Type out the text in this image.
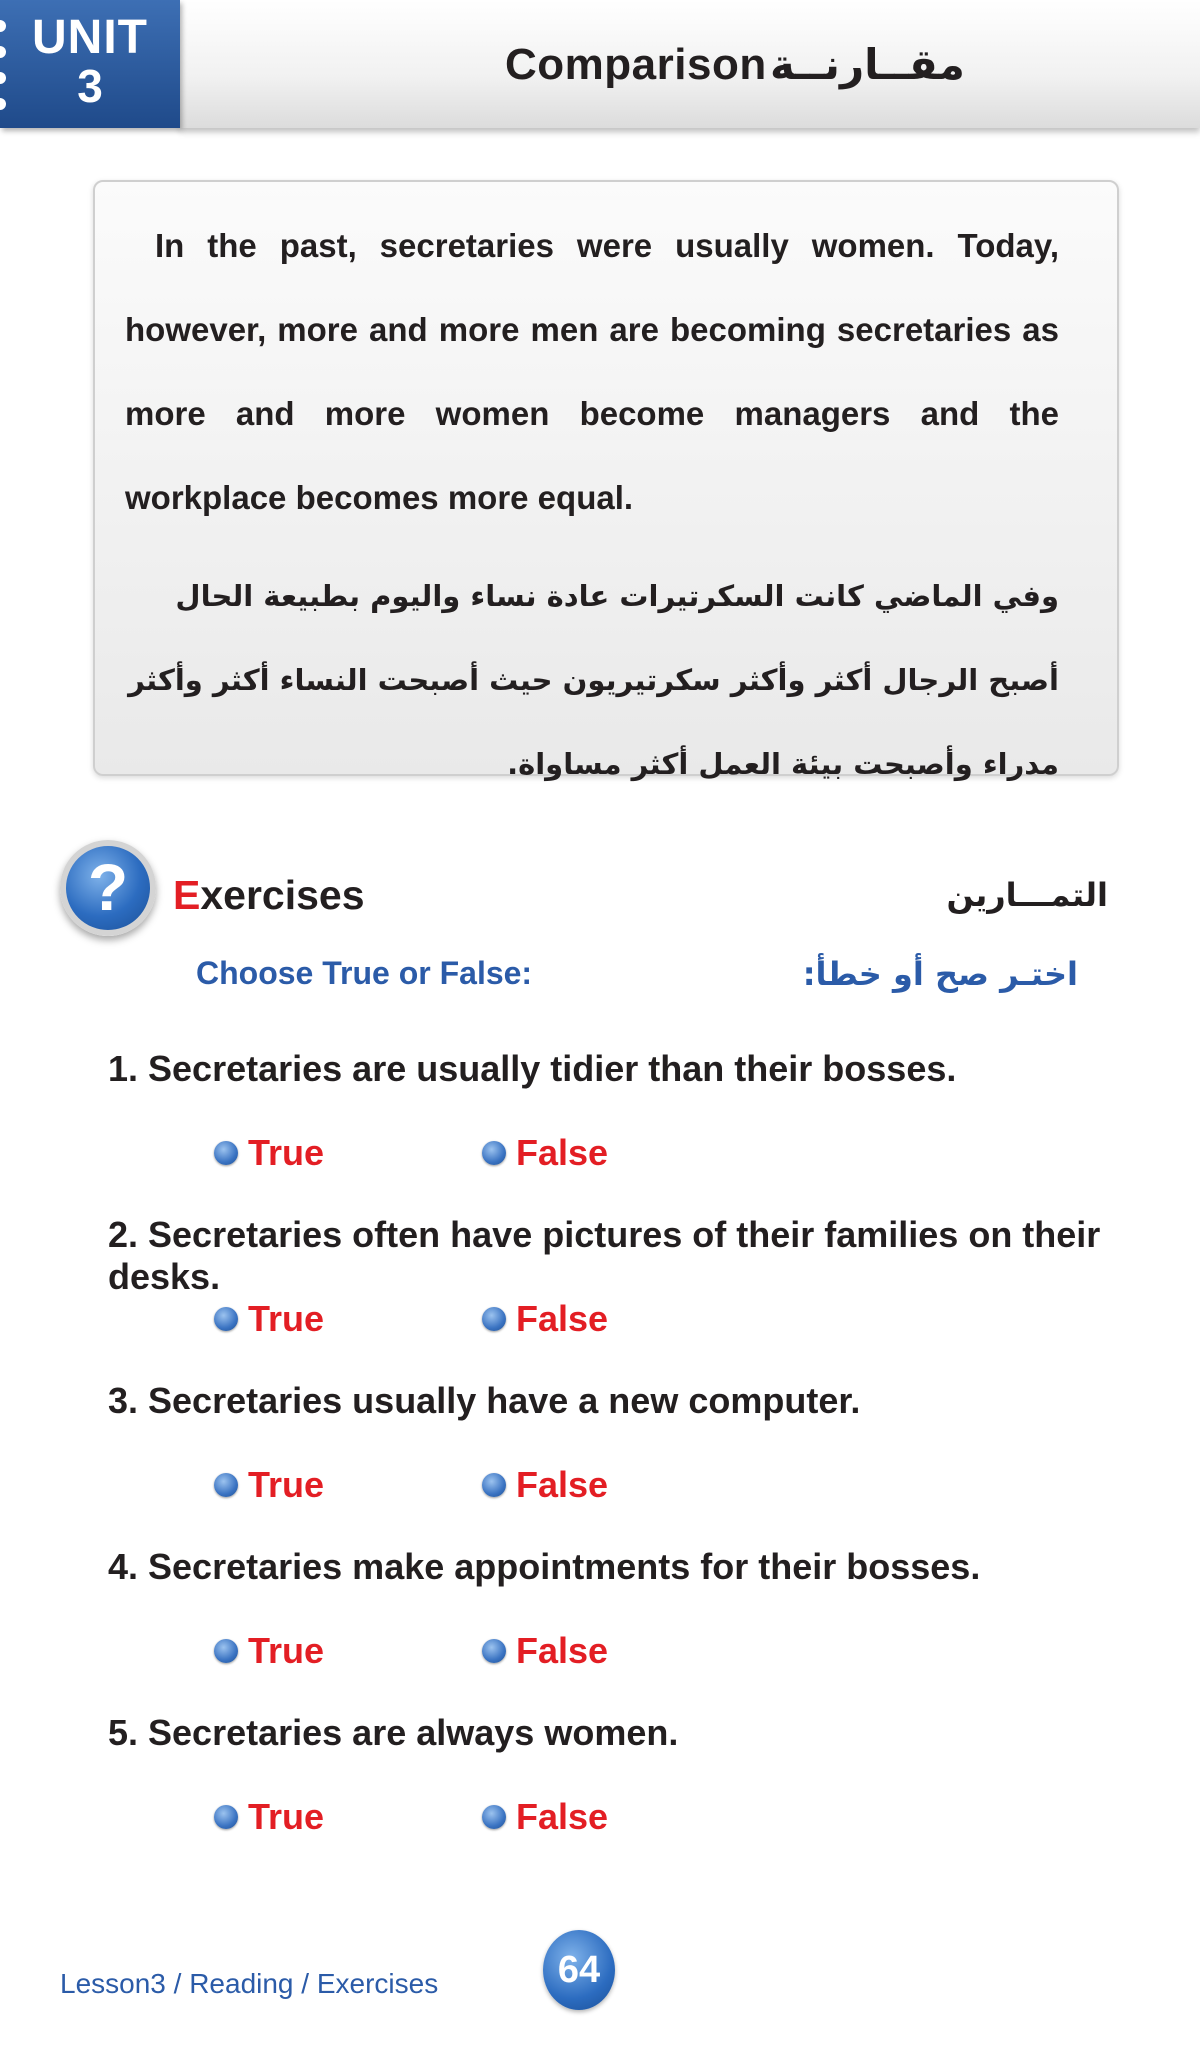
UNIT
3	Comparison مقــارنــة
In the past, secretaries were usually women. Today, however, more and more men are becoming secretaries as more and more women become managers and the workplace becomes more equal.
وفي الماضي كانت السكرتيرات عادة نساء واليوم بطبيعة الحال أصبح الرجال أكثر وأكثر سكرتيريون حيث أصبحت النساء أكثر وأكثر مدراء وأصبحت بيئة العمل أكثر مساواة.
?	Exercises	التمـــارين
Choose True or False:	اختـر صح أو خطأ:
1. Secretaries are usually tidier than their bosses.
True	False
2. Secretaries often have pictures of their families on their desks.
True	False
3. Secretaries usually have a new computer.
True	False
4. Secretaries make appointments for their bosses.
True	False
5. Secretaries are always women.
True	False
Lesson3 / Reading / Exercises	64
